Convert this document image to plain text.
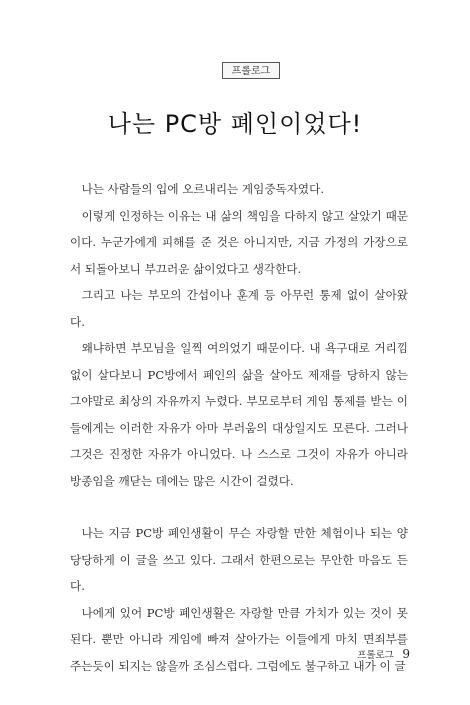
프롤로그
나는 PC방 폐인이었다!

나는 사람들의 입에 오르내리는 게임중독자였다.

이렇게 인정하는 이유는 내 삶의 책임을 다하지 않고 살았기 때문이다. 누군가에게 피해를 준 것은 아니지만, 지금 가정의 가장으로서 되돌아보니 부끄러운 삶이었다고 생각한다.

그리고 나는 부모의 간섭이나 훈계 등 아무런 통제 없이 살아왔다.

왜냐하면 부모님을 일찍 여의었기 때문이다. 내 욕구대로 거리낌 없이 살다보니 PC방에서 폐인의 삶을 살아도 제재를 당하지 않는 그야말로 최상의 자유까지 누렸다. 부모로부터 게임 통제를 받는 이들에게는 이러한 자유가 아마 부러움의 대상일지도 모른다. 그러나 그것은 진정한 자유가 아니었다. 나 스스로 그것이 자유가 아니라 방종임을 깨닫는 데에는 많은 시간이 걸렸다.

나는 지금 PC방 폐인생활이 무슨 자랑할 만한 체험이나 되는 양 당당하게 이 글을 쓰고 있다. 그래서 한편으로는 무안한 마음도 든다.

나에게 있어 PC방 폐인생활은 자랑할 만큼 가치가 있는 것이 못 된다. 뿐만 아니라 게임에 빠져 살아가는 이들에게 마치 면죄부를 주는듯이 되지는 않을까 조심스럽다. 그럼에도 불구하고 내가 이 글

프롤로그 9
